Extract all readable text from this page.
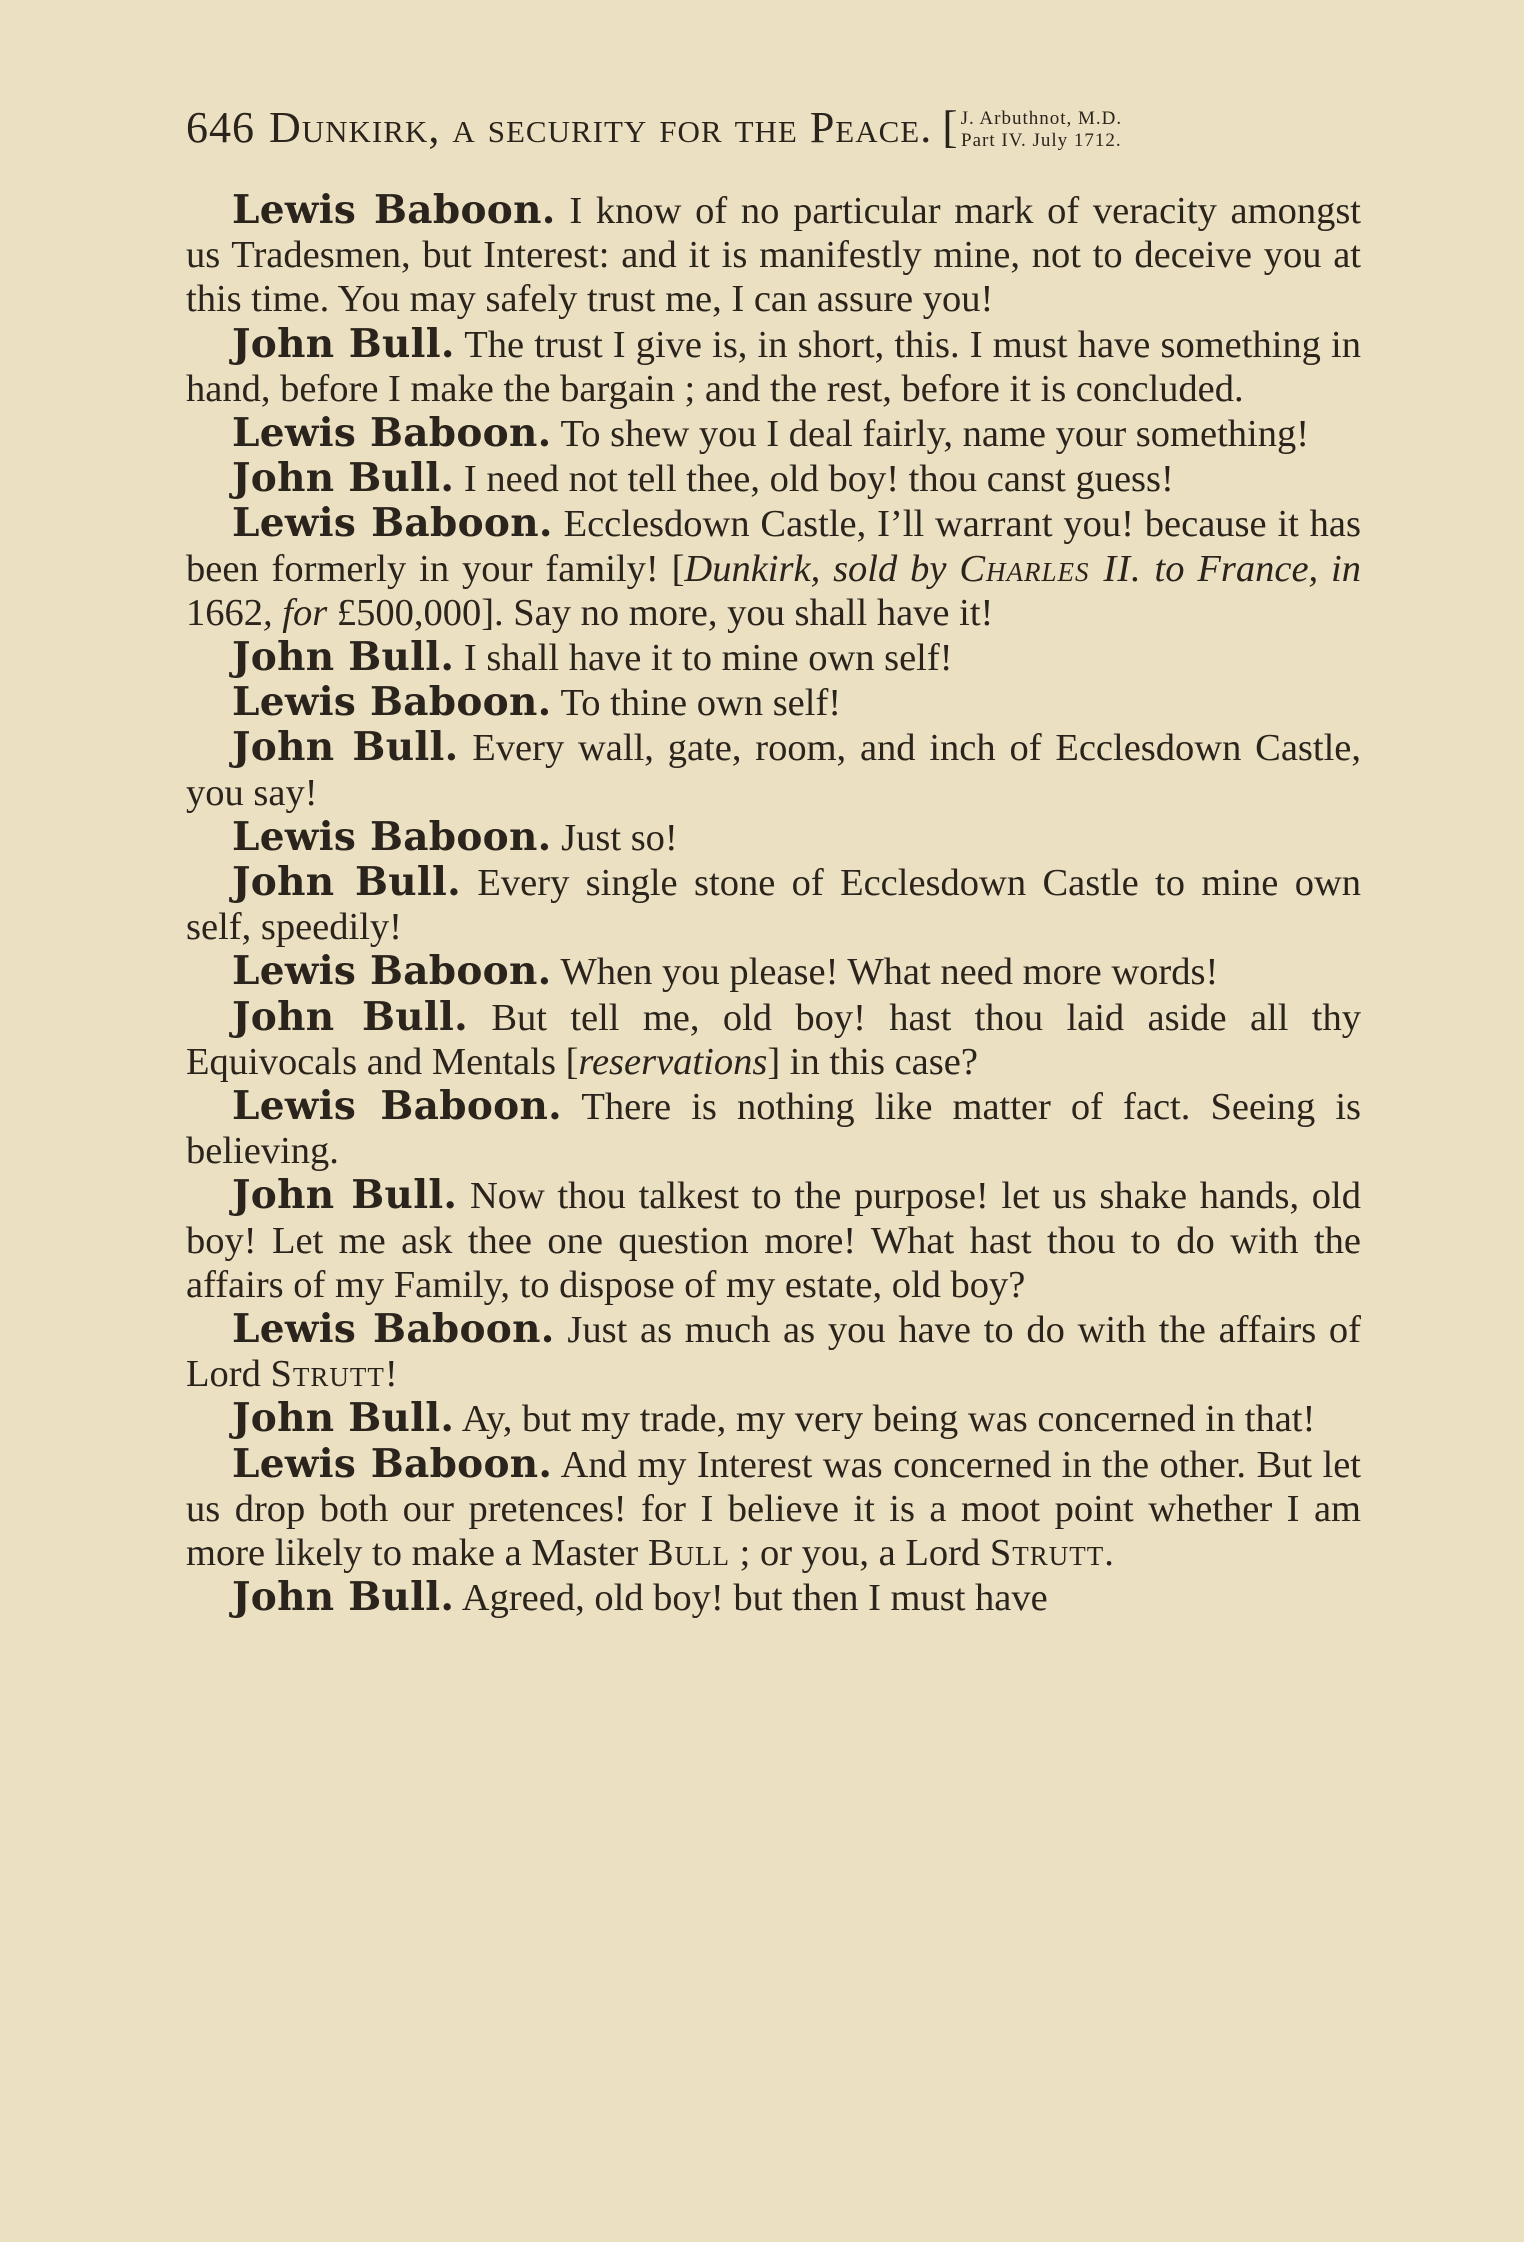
646 Dunkirk, a security for the Peace. [ J. Arbuthnot, M.D.
Part IV. July 1712.

Lewis Baboon. I know of no particular mark of veracity amongst us Tradesmen, but Interest: and it is manifestly mine, not to deceive you at this time. You may safely trust me, I can assure you!

John Bull. The trust I give is, in short, this. I must have something in hand, before I make the bargain ; and the rest, before it is concluded.

Lewis Baboon. To shew you I deal fairly, name your something!

John Bull. I need not tell thee, old boy! thou canst guess!

Lewis Baboon. Ecclesdown Castle, I’ll warrant you! because it has been formerly in your family! [Dunkirk, sold by Charles II. to France, in 1662, for £500,000]. Say no more, you shall have it!

John Bull. I shall have it to mine own self!

Lewis Baboon. To thine own self!

John Bull. Every wall, gate, room, and inch of Ecclesdown Castle, you say!

Lewis Baboon. Just so!

John Bull. Every single stone of Ecclesdown Castle to mine own self, speedily!

Lewis Baboon. When you please! What need more words!

John Bull. But tell me, old boy! hast thou laid aside all thy Equivocals and Mentals [reservations] in this case?

Lewis Baboon. There is nothing like matter of fact. Seeing is believing.

John Bull. Now thou talkest to the purpose! let us shake hands, old boy! Let me ask thee one question more! What hast thou to do with the affairs of my Family, to dispose of my estate, old boy?

Lewis Baboon. Just as much as you have to do with the affairs of Lord Strutt!

John Bull. Ay, but my trade, my very being was concerned in that!

Lewis Baboon. And my Interest was concerned in the other. But let us drop both our pretences! for I believe it is a moot point whether I am more likely to make a Master Bull ; or you, a Lord Strutt.

John Bull. Agreed, old boy! but then I must have
